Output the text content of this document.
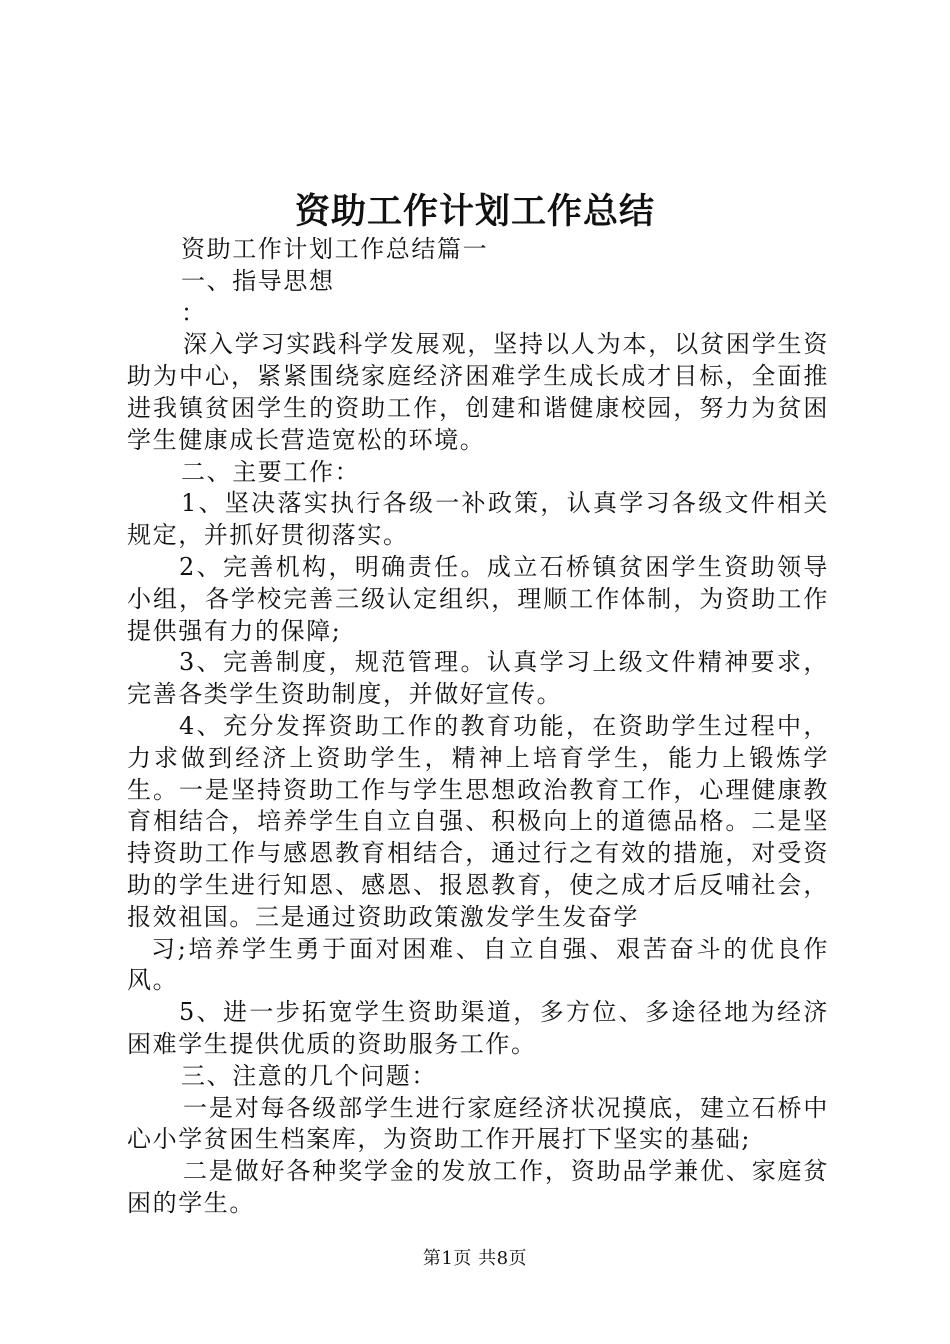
资助工作计划工作总结

资助工作计划工作总结篇一

一、指导思想

：

深入学习实践科学发展观，坚持以人为本，以贫困学生资助为中心，紧紧围绕家庭经济困难学生成长成才目标，全面推进我镇贫困学生的资助工作，创建和谐健康校园，努力为贫困学生健康成长营造宽松的环境。

二、主要工作：

1、坚决落实执行各级一补政策，认真学习各级文件相关规定，并抓好贯彻落实。

2、完善机构，明确责任。成立石桥镇贫困学生资助领导小组，各学校完善三级认定组织，理顺工作体制，为资助工作提供强有力的保障;

3、完善制度，规范管理。认真学习上级文件精神要求，完善各类学生资助制度，并做好宣传。

4、充分发挥资助工作的教育功能，在资助学生过程中，力求做到经济上资助学生，精神上培育学生，能力上锻炼学生。一是坚持资助工作与学生思想政治教育工作，心理健康教育相结合，培养学生自立自强、积极向上的道德品格。二是坚持资助工作与感恩教育相结合，通过行之有效的措施，对受资助的学生进行知恩、感恩、报恩教育，使之成才后反哺社会，报效祖国。三是通过资助政策激发学生发奋学

习;培养学生勇于面对困难、自立自强、艰苦奋斗的优良作风。

5、进一步拓宽学生资助渠道，多方位、多途径地为经济困难学生提供优质的资助服务工作。

三、注意的几个问题：

一是对每各级部学生进行家庭经济状况摸底，建立石桥中心小学贫困生档案库，为资助工作开展打下坚实的基础;

二是做好各种奖学金的发放工作，资助品学兼优、家庭贫困的学生。

第1页 共8页
